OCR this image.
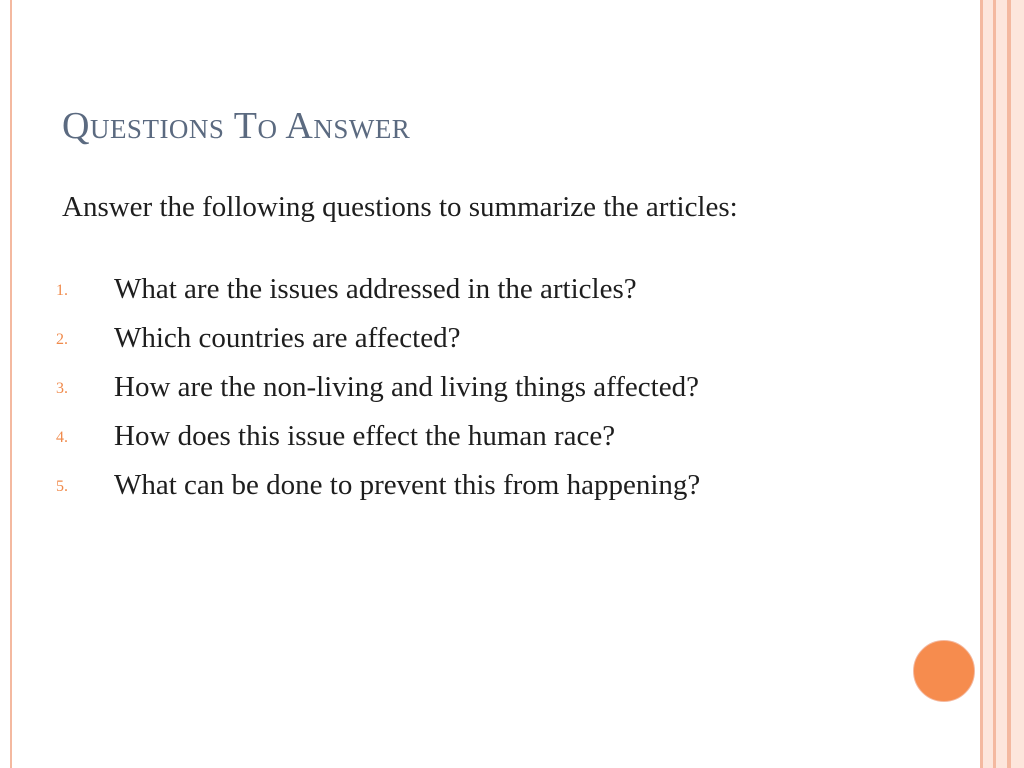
Questions To Answer

Answer the following questions to summarize the articles:

1. What are the issues addressed in the articles?
2. Which countries are affected?
3. How are the non-living and living things affected?
4. How does this issue effect the human race?
5. What can be done to prevent this from happening?
